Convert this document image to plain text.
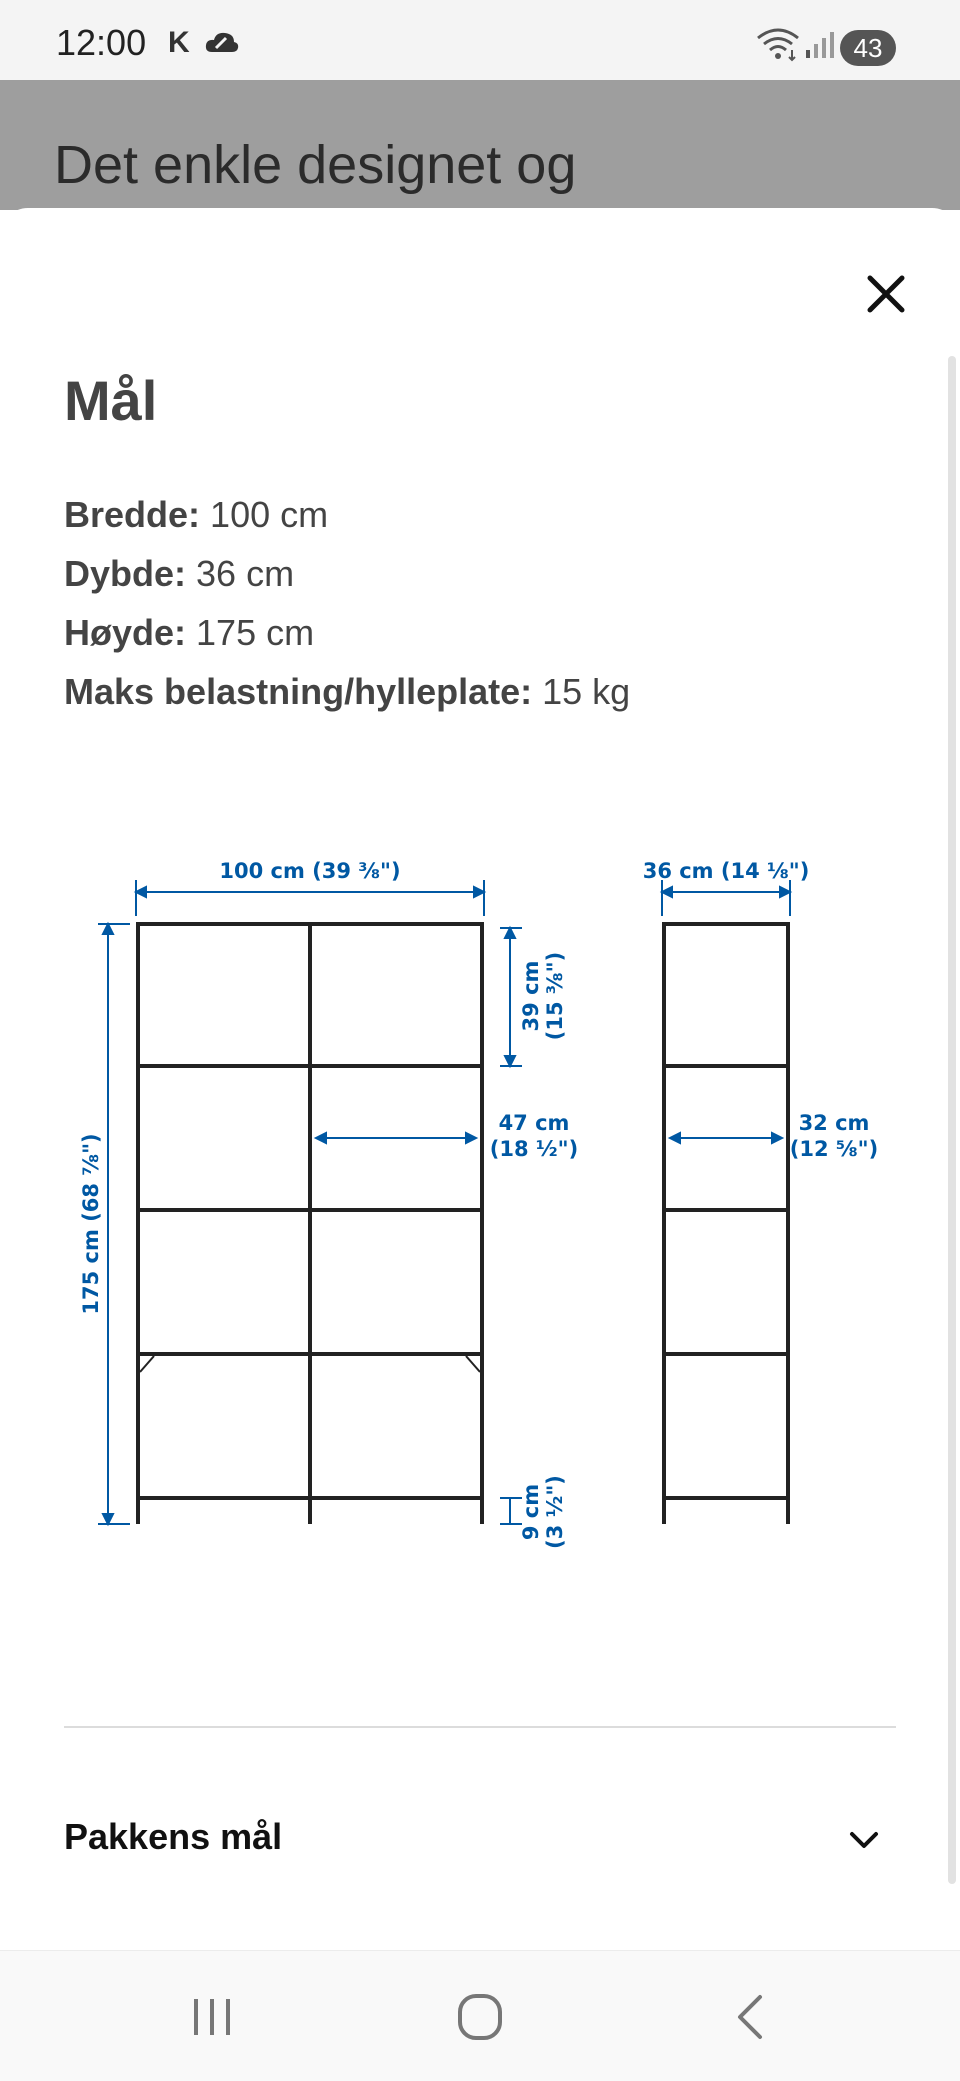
12:00 K	43
Det enkle designet og
Mål
Bredde: 100 cm
Dybde: 36 cm
Høyde: 175 cm
Maks belastning/hylleplate: 15 kg
100 cm (39 ⅜")	36 cm (14 ⅛")
175 cm (68 ⅞")
39 cm (15 ⅜")
47 cm
(18 ½")
32 cm
(12 ⅝")
9 cm (3 ½")
Pakkens mål
